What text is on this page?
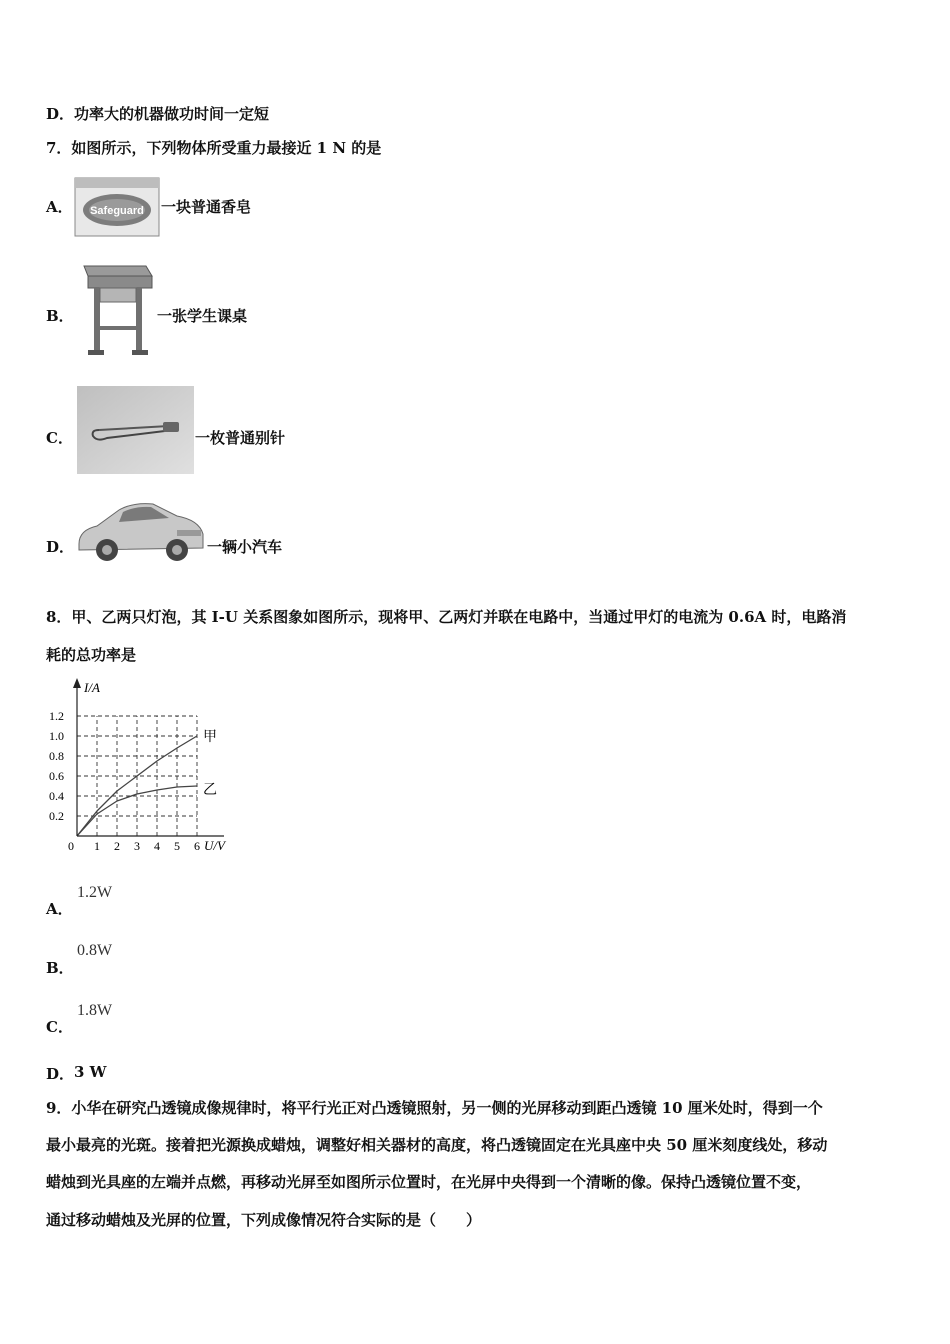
D．功率大的机器做功时间一定短
7．如图所示，下列物体所受重力最接近 1 N 的是
A． Safeguard 一块普通香皂
B．	一张学生课桌
C．	一枚普通别针
D．	一辆小汽车
8．甲、乙两只灯泡，其 I-U 关系图象如图所示，现将甲、乙两灯并联在电路中，当通过甲灯的电流为 0.6A 时，电路消
耗的总功率是
甲
乙
0 1 2 3 4 5 6
0.2
0.4
0.6
0.8
1.0
1.2
I/A
U/V
A．
1.2W
B．
0.8W
C．
1.8W
D． 3 W
9．小华在研究凸透镜成像规律时，将平行光正对凸透镜照射，另一侧的光屏移动到距凸透镜 10 厘米处时，得到一个
最小最亮的光斑。接着把光源换成蜡烛，调整好相关器材的高度，将凸透镜固定在光具座中央 50 厘米刻度线处，移动
蜡烛到光具座的左端并点燃，再移动光屏至如图所示位置时，在光屏中央得到一个清晰的像。保持凸透镜位置不变，
通过移动蜡烛及光屏的位置，下列成像情况符合实际的是（　　）
